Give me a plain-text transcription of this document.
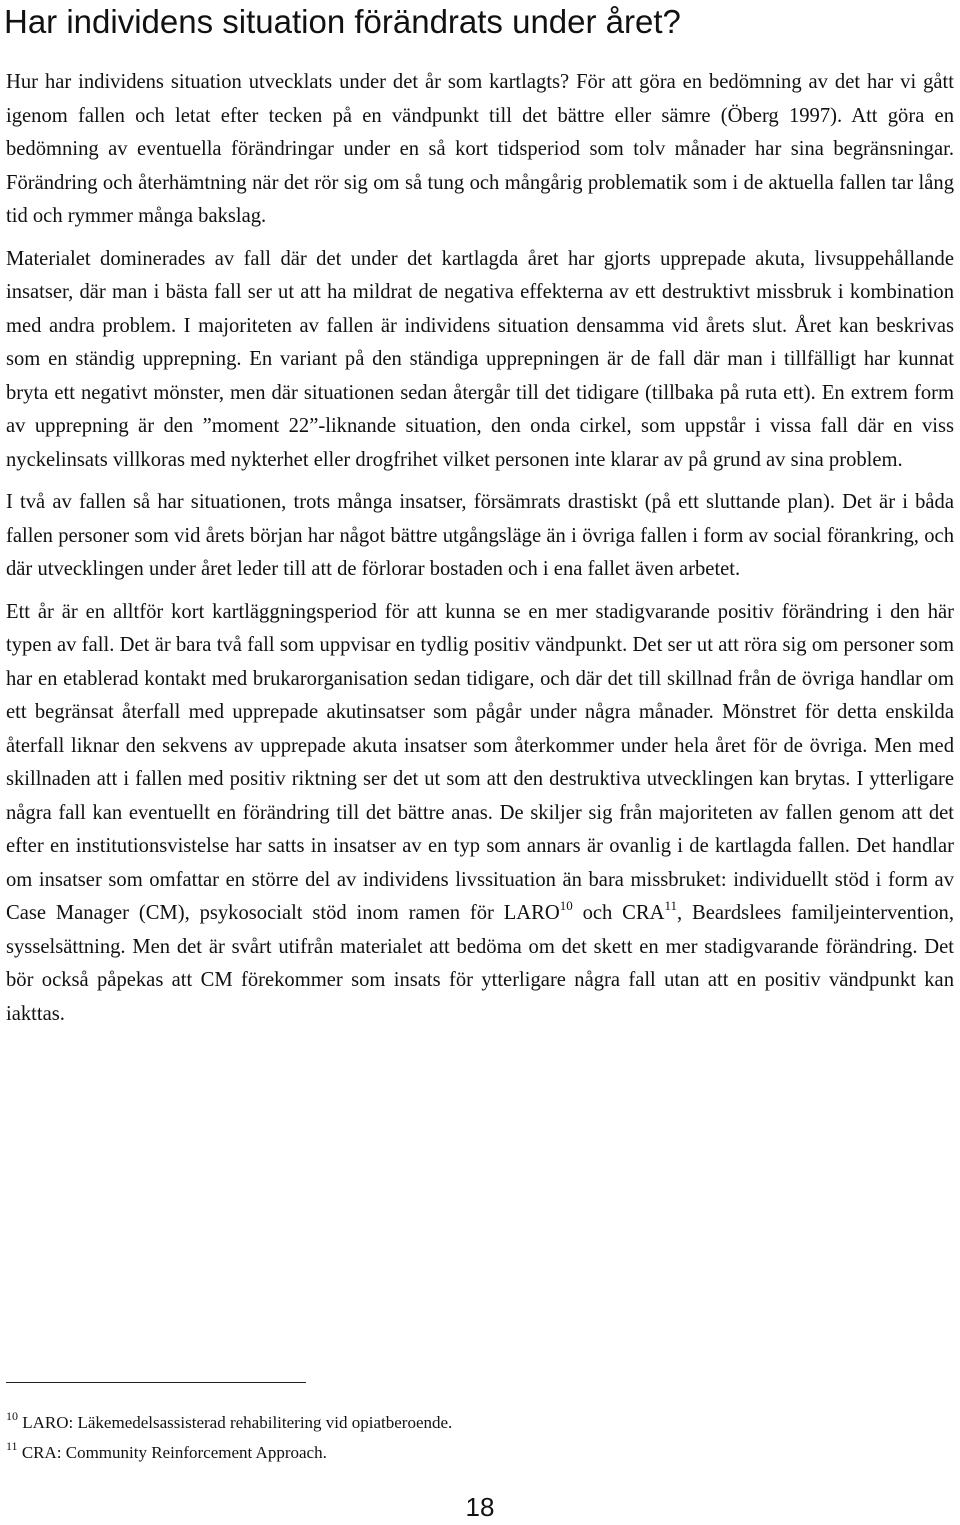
Har individens situation förändrats under året?

Hur har individens situation utvecklats under det år som kartlagts? För att göra en bedömning av det har vi gått igenom fallen och letat efter tecken på en vändpunkt till det bättre eller sämre (Öberg 1997). Att göra en bedömning av eventuella förändringar under en så kort tidsperiod som tolv månader har sina begränsningar. Förändring och återhämtning när det rör sig om så tung och mångårig problematik som i de aktuella fallen tar lång tid och rymmer många bakslag.

Materialet dominerades av fall där det under det kartlagda året har gjorts upprepade akuta, livsuppehållande insatser, där man i bästa fall ser ut att ha mildrat de negativa effekterna av ett destruktivt missbruk i kombination med andra problem. I majoriteten av fallen är individens situation densamma vid årets slut. Året kan beskrivas som en ständig upprepning. En variant på den ständiga upprepningen är de fall där man i tillfälligt har kunnat bryta ett negativt mönster, men där situationen sedan återgår till det tidigare (tillbaka på ruta ett). En extrem form av upprepning är den ”moment 22”-liknande situation, den onda cirkel, som uppstår i vissa fall där en viss nyckelinsats villkoras med nykterhet eller drogfrihet vilket personen inte klarar av på grund av sina problem.

I två av fallen så har situationen, trots många insatser, försämrats drastiskt (på ett sluttande plan). Det är i båda fallen personer som vid årets början har något bättre utgångsläge än i övriga fallen i form av social förankring, och där utvecklingen under året leder till att de förlorar bostaden och i ena fallet även arbetet.

Ett år är en alltför kort kartläggningsperiod för att kunna se en mer stadigvarande positiv förändring i den här typen av fall. Det är bara två fall som uppvisar en tydlig positiv vändpunkt. Det ser ut att röra sig om personer som har en etablerad kontakt med brukarorganisation sedan tidigare, och där det till skillnad från de övriga handlar om ett begränsat återfall med upprepade akutinsatser som pågår under några månader. Mönstret för detta enskilda återfall liknar den sekvens av upprepade akuta insatser som återkommer under hela året för de övriga. Men med skillnaden att i fallen med positiv riktning ser det ut som att den destruktiva utvecklingen kan brytas. I ytterligare några fall kan eventuellt en förändring till det bättre anas. De skiljer sig från majoriteten av fallen genom att det efter en institutionsvistelse har satts in insatser av en typ som annars är ovanlig i de kartlagda fallen. Det handlar om insatser som omfattar en större del av individens livssituation än bara missbruket: individuellt stöd i form av Case Manager (CM), psykosocialt stöd inom ramen för LARO$^{10}$ och CRA$^{11}$, Beardslees familjeintervention, sysselsättning. Men det är svårt utifrån materialet att bedöma om det skett en mer stadigvarande förändring. Det bör också påpekas att CM förekommer som insats för ytterligare några fall utan att en positiv vändpunkt kan iakttas.

$^{10}$ LARO: Läkemedelsassisterad rehabilitering vid opiatberoende.

$^{11}$ CRA: Community Reinforcement Approach.

18
